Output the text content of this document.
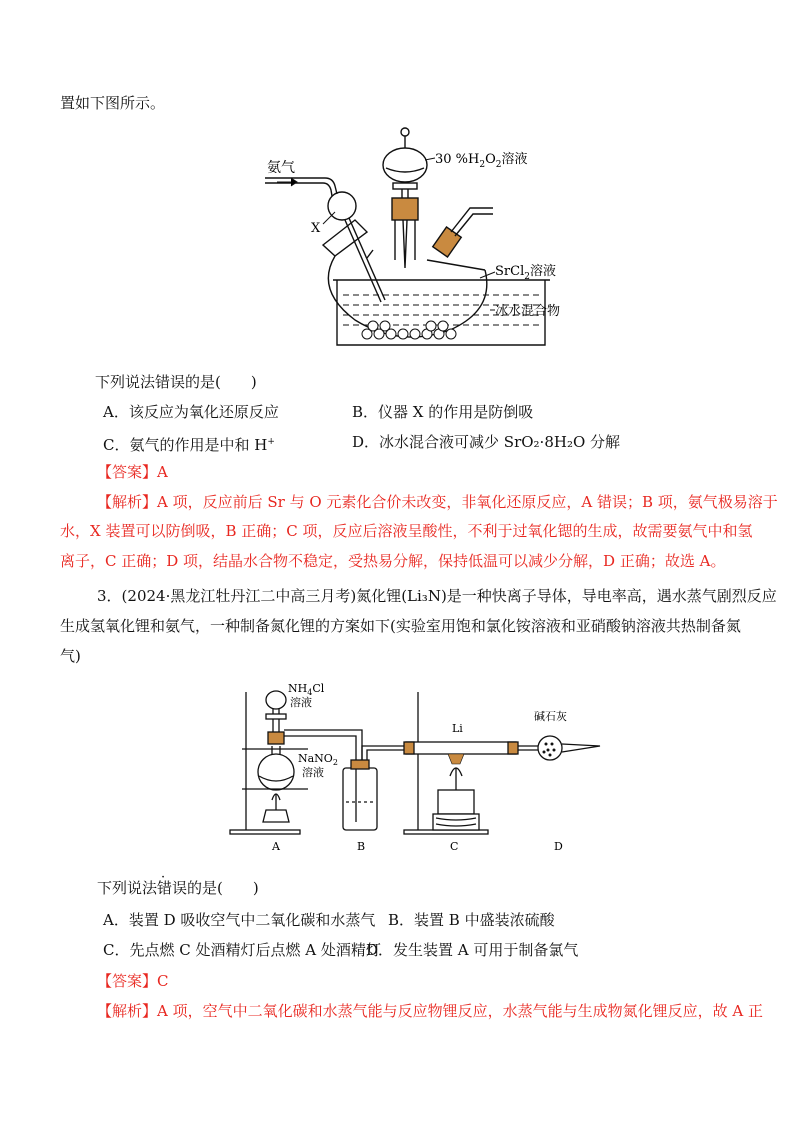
置如下图所示。
氨气
X
30 $\%H_2O_2$溶液
SrCl$_2$溶液
冰水混合物
下列说法错误的是(　　)
A．该反应为氧化还原反应	B．仪器 X 的作用是防倒吸
C．氨气的作用是中和 H+	D．冰水混合液可减少 SrO₂·8H₂O 分解
【答案】A
【解析】A 项，反应前后 Sr 与 O 元素化合价未改变，非氧化还原反应，A 错误；B 项，氨气极易溶于
水，X 装置可以防倒吸，B 正确；C 项，反应后溶液呈酸性，不利于过氧化锶的生成，故需要氨气中和氢
离子，C 正确；D 项，结晶水合物不稳定，受热易分解，保持低温可以减少分解，D 正确；故选 A。
3．(2024·黑龙江牡丹江二中高三月考)氮化锂(Li₃N)是一种快离子导体，导电率高，遇水蒸气剧烈反应
生成氢氧化锂和氨气，一种制备氮化锂的方案如下(实验室用饱和氯化铵溶液和亚硝酸钠溶液共热制备氮
气)
$NH_4Cl$
溶液
NaNO$_2$
溶液
Li
碱石灰
A	B	C	D
下列说法错误的是(　　)
A．装置 D 吸收空气中二氧化碳和水蒸气 B．装置 B 中盛装浓硫酸
C．先点燃 C 处酒精灯后点燃 A 处酒精灯
D．发生装置 A 可用于制备氯气
【答案】C
【解析】A 项，空气中二氧化碳和水蒸气能与反应物锂反应，水蒸气能与生成物氮化锂反应，故 A 正
